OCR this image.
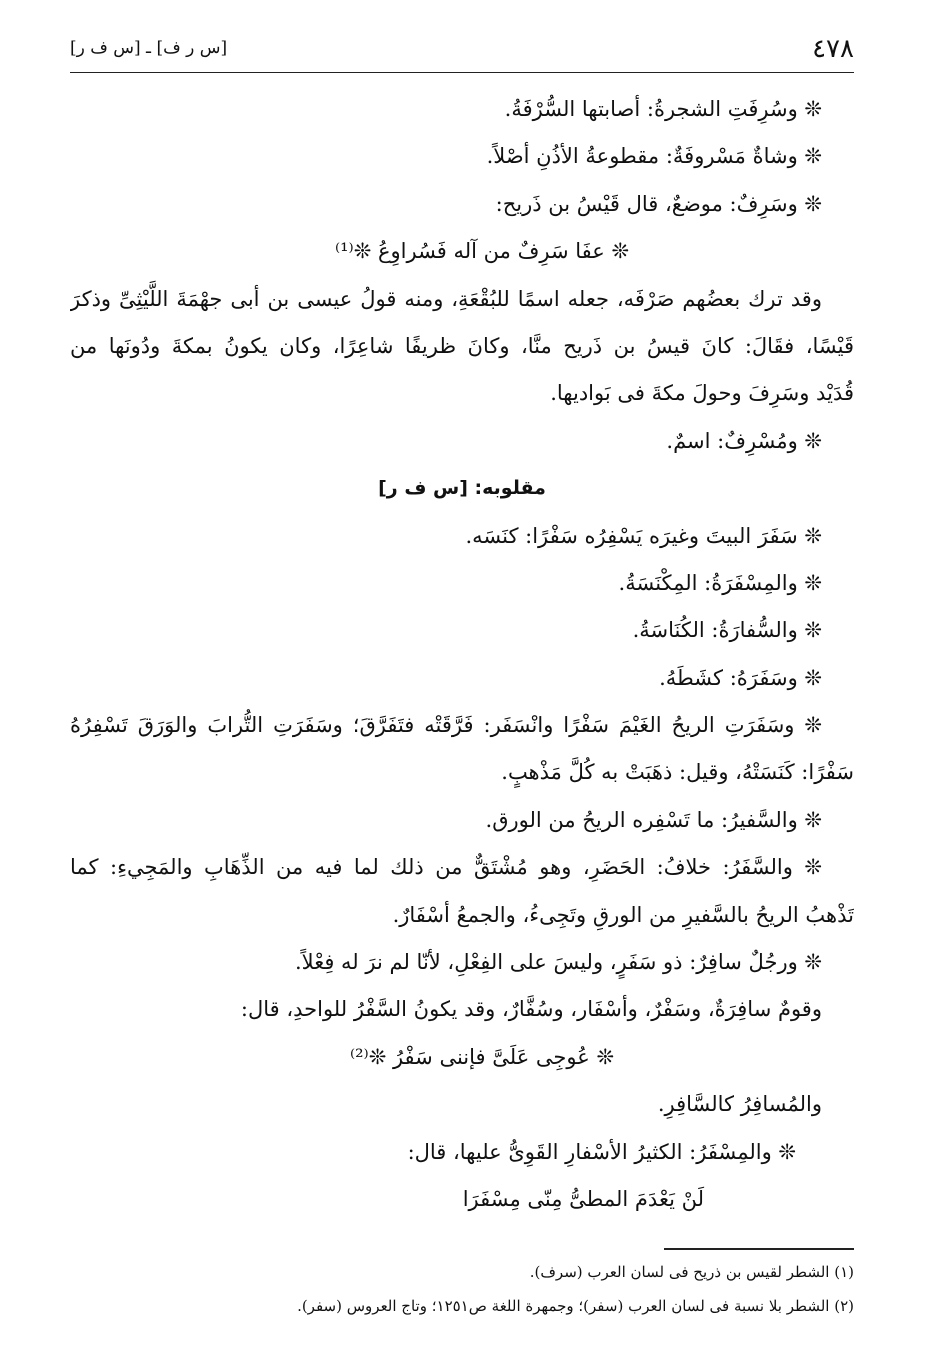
٤٧٨
[س ر ف] ـ [س ف ر]
❊ وسُرِفَتِ الشجرةُ: أصابتها السُّرْفَةُ.
❊ وشاةٌ مَسْروفَةٌ: مقطوعةُ الأذُنِ أصْلاً.
❊ وسَرِفٌ: موضعٌ، قال قَيْسُ بن ذَريح:
❊ عفَا سَرِفٌ من آله فَسُراوِعُ ❊⁽¹⁾
وقد ترك بعضُهم صَرْفَه، جعله اسمًا للبُقْعَةِ، ومنه قولُ عيسى بن أبى جهْمَةَ اللَّيْثِىِّ وذكرَ
قَيْسًا، فقَالَ: كانَ قيسُ بن ذَريح منَّا، وكانَ ظريفًا شاعِرًا، وكان يكونُ بمكةَ ودُونَها من
قُدَيْد وسَرِفَ وحولَ مكةَ فى بَواديها.
❊ ومُسْرِفٌ: اسمٌ.
مقلوبه: [س ف ر]
❊ سَفَرَ البيتَ وغيرَه يَسْفِرُه سَفْرًا: كنَسَه.
❊ والمِسْفَرَةُ: المِكْنَسَةُ.
❊ والسُّفارَةُ: الكُنَاسَةُ.
❊ وسَفَرَهُ: كشَطَهُ.
❊ وسَفَرَتِ الريحُ الغَيْمَ سَفْرًا وانْسَفَر: فَرَّقَتْه فتَفَرَّقَ؛ وسَفَرَتِ التُّرابَ والوَرَقَ تَسْفِرُهُ
سَفْرًا: كَنَسَتْهُ، وقيل: ذهَبَتْ به كُلَّ مَذْهبٍ.
❊ والسَّفيرُ: ما تَسْفِره الريحُ من الورق.
❊ والسَّفَرُ: خلافُ: الحَضَرِ، وهو مُشْتَقٌّ من ذلك لما فيه من الذِّهَابِ والمَجِيءِ: كما
تَذْهبُ الريحُ بالسَّفيرِ من الورقِ وتَجِىءُ، والجمعُ أسْفَارٌ.
❊ ورجُلٌ سافِرٌ: ذو سَفَرٍ، وليسَ على الفِعْلِ، لأنّا لم نرَ له فِعْلاً.
وقومٌ سافِرَةٌ، وسَفْرٌ، وأسْفَار، وسُفَّارٌ، وقد يكونُ السَّفْرُ للواحدِ، قال:
❊ عُوجِى عَلَىَّ فإننى سَفْرُ ❊⁽²⁾
والمُسافِرُ كالسَّافِرِ.
❊ والمِسْفَرُ: الكثيرُ الأسْفارِ القَوِىُّ عليها، قال:
لَنْ يَعْدَمَ المطىُّ مِنّى مِسْفَرَا
(١) الشطر لقيس بن ذريح فى لسان العرب (سرف).
(٢) الشطر بلا نسبة فى لسان العرب (سفر)؛ وجمهرة اللغة ص١٢٥١؛ وتاج العروس (سفر).
